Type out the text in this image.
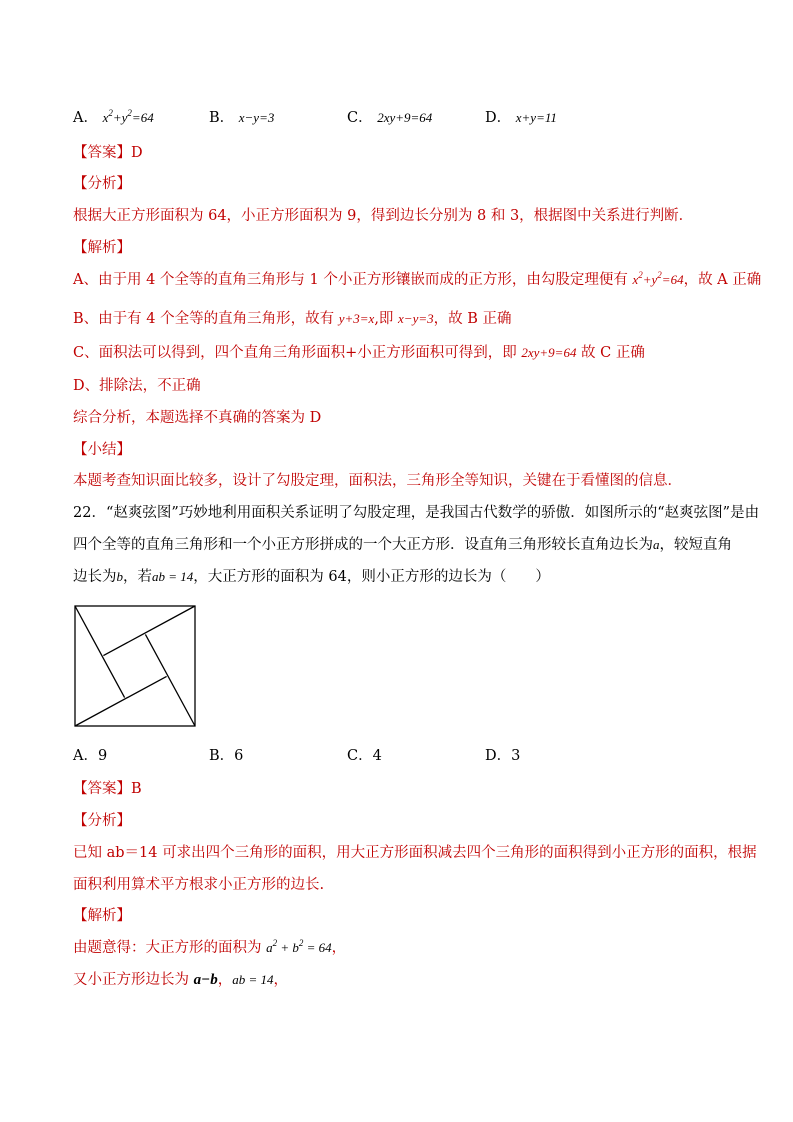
A． $x^2+y^2=64$	B． x−y=3	C． 2xy+9=64	D． x+y=11
【答案】D
【分析】
根据大正方形面积为 64，小正方形面积为 9，得到边长分别为 8 和 3，根据图中关系进行判断．
【解析】
A、由于用 4 个全等的直角三角形与 1 个小正方形镶嵌而成的正方形，由勾股定理便有 $x^2+y^2=64$，故 A 正确
B、由于有 4 个全等的直角三角形，故有 y+3=x,即 x−y=3，故 B 正确
C、面积法可以得到，四个直角三角形面积+小正方形面积可得到，即 2xy+9=64 故 C 正确
D、排除法，不正确
综合分析，本题选择不真确的答案为 D
【小结】
本题考查知识面比较多，设计了勾股定理，面积法，三角形全等知识，关键在于看懂图的信息．
22．“赵爽弦图”巧妙地利用面积关系证明了勾股定理，是我国古代数学的骄傲．如图所示的“赵爽弦图”是由
四个全等的直角三角形和一个小正方形拼成的一个大正方形．设直角三角形较长直角边长为a，较短直角
边长为b，若ab = 14，大正方形的面积为 64，则小正方形的边长为（　　）
A．9	B．6	C．4	D．3
【答案】B
【分析】
已知 ab＝14 可求出四个三角形的面积，用大正方形面积减去四个三角形的面积得到小正方形的面积，根据
面积利用算术平方根求小正方形的边长.
【解析】
由题意得：大正方形的面积为 $a^2 + b^2 = 64$，
又小正方形边长为 a−b，ab = 14，
